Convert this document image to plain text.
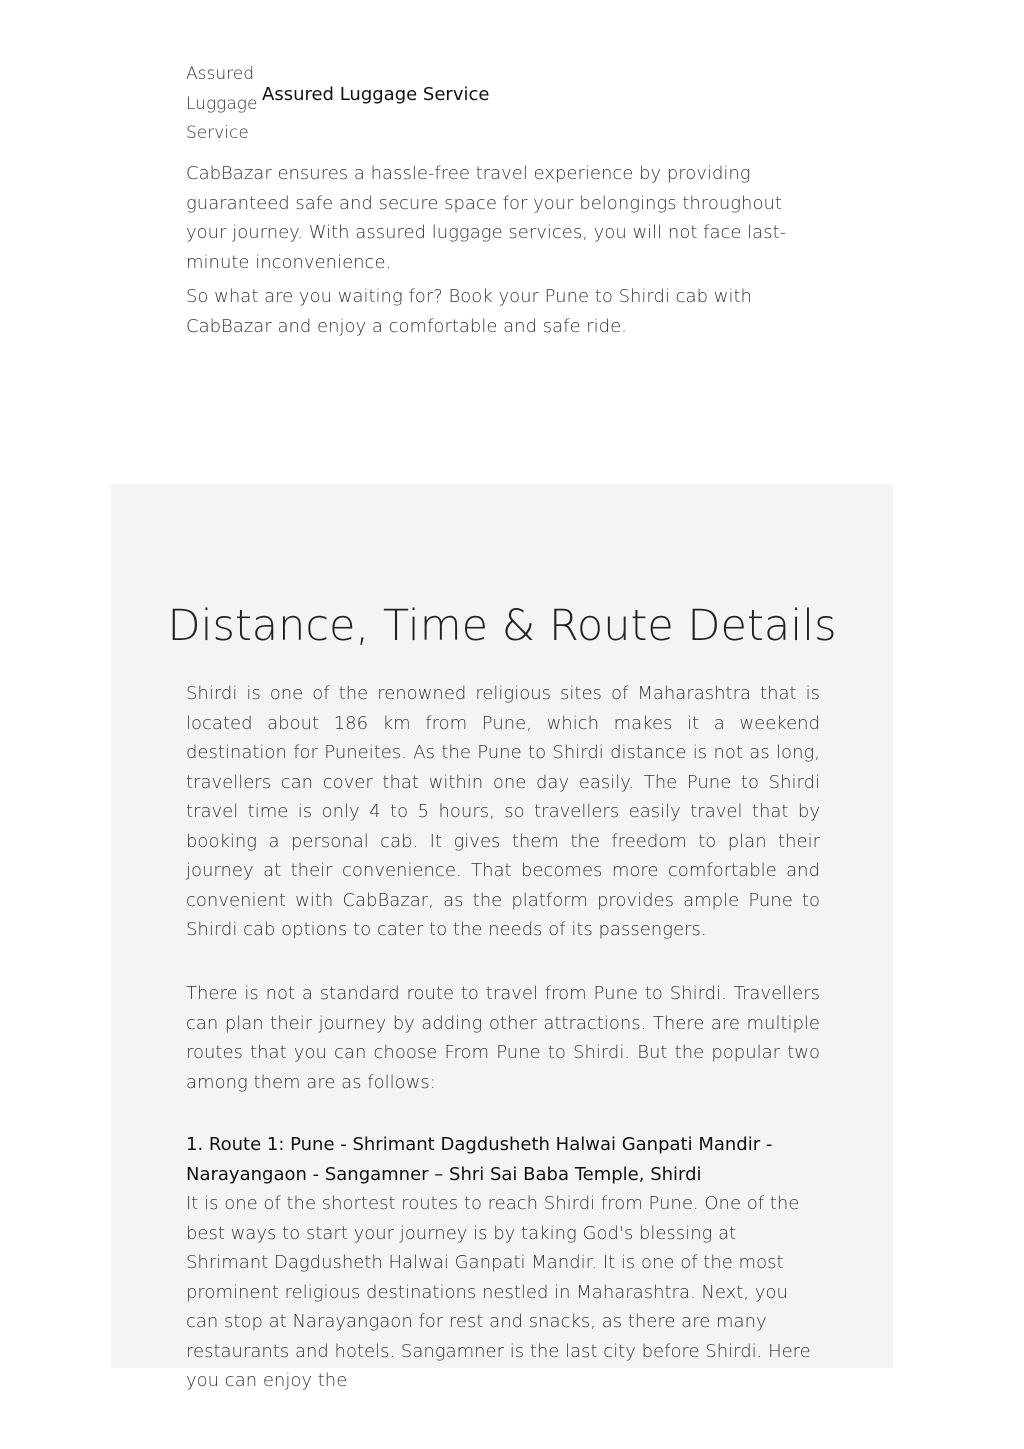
Assured Luggage Service
Assured Luggage Service

CabBazar ensures a hassle-free travel experience by providing guaranteed safe and secure space for your belongings throughout your journey. With assured luggage services, you will not face last-minute inconvenience.

So what are you waiting for? Book your Pune to Shirdi cab with CabBazar and enjoy a comfortable and safe ride.

Distance, Time & Route Details

Shirdi is one of the renowned religious sites of Maharashtra that is located about 186 km from Pune, which makes it a weekend destination for Puneites. As the Pune to Shirdi distance is not as long, travellers can cover that within one day easily. The Pune to Shirdi travel time is only 4 to 5 hours, so travellers easily travel that by booking a personal cab. It gives them the freedom to plan their journey at their convenience. That becomes more comfortable and convenient with CabBazar, as the platform provides ample Pune to Shirdi cab options to cater to the needs of its passengers.

There is not a standard route to travel from Pune to Shirdi. Travellers can plan their journey by adding other attractions. There are multiple routes that you can choose From Pune to Shirdi. But the popular two among them are as follows:

1. Route 1: Pune - Shrimant Dagdusheth Halwai Ganpati Mandir - Narayangaon - Sangamner – Shri Sai Baba Temple, Shirdi

It is one of the shortest routes to reach Shirdi from Pune. One of the best ways to start your journey is by taking God's blessing at Shrimant Dagdusheth Halwai Ganpati Mandir. It is one of the most prominent religious destinations nestled in Maharashtra. Next, you can stop at Narayangaon for rest and snacks, as there are many restaurants and hotels. Sangamner is the last city before Shirdi. Here you can enjoy the
